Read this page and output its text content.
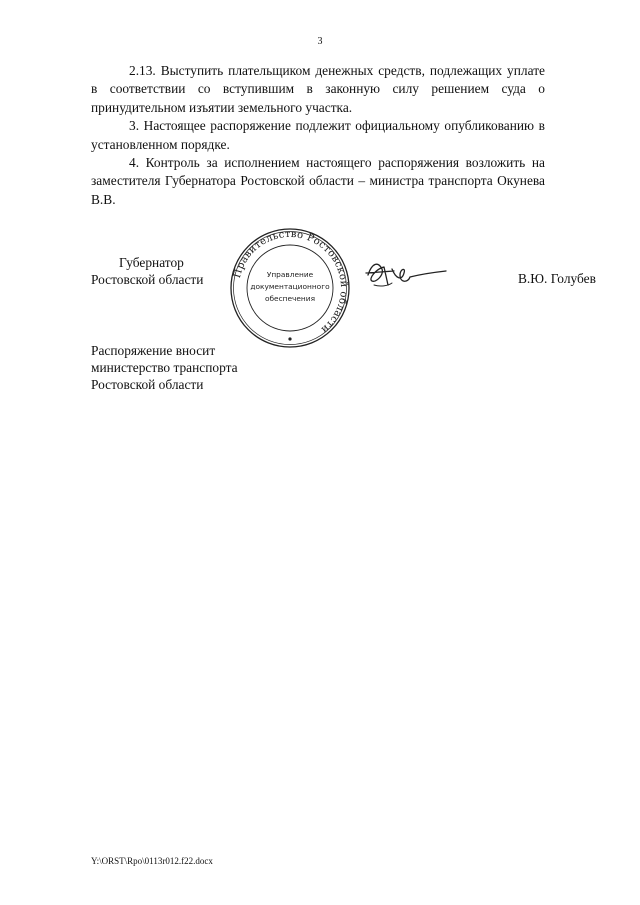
3

2.13. Выступить плательщиком денежных средств, подлежащих уплате в соответствии со вступившим в законную силу решением суда о принудительном изъятии земельного участка.

3. Настоящее распоряжение подлежит официальному опубликованию в установленном порядке.

4. Контроль за исполнением настоящего распоряжения возложить на заместителя Губернатора Ростовской области – министра транспорта Окунева В.В.

Губернатор
Ростовской области	Правительство Ростовской области
Управление
документационного
обеспечения
В.Ю. Голубев
Распоряжение вносит
министерство транспорта
Ростовской области
Y:\ORST\Rpo\0113r012.f22.docx
